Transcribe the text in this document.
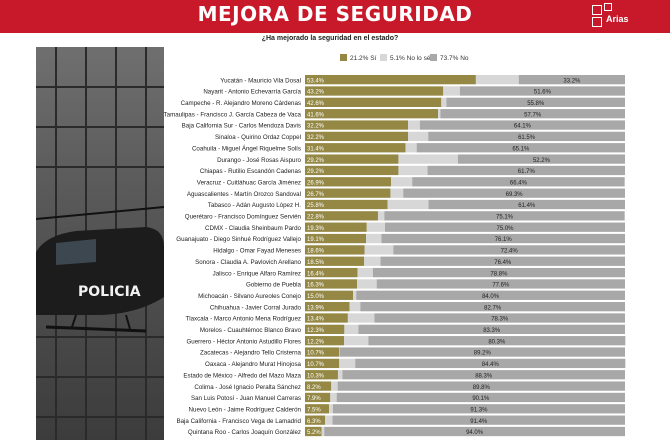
MEJORA DE SEGURIDAD	Arias
POLICIA
¿Ha mejorado la seguridad en el estado?
21.2% Sí	5.1% No lo sé	73.7% No
Yucatán - Mauricio Vila Dosal 53.4%	33.2%
Nayarit - Antonio Echevarría García 43.2%	51.6%
Campeche - R. Alejandro Moreno Cárdenas 42.6%	55.8%
Tamaulipas - Francisco J. García Cabeza de Vaca 41.6%	57.7%
Baja California Sur - Carlos Mendoza Davis 32.2%	64.1%
Sinaloa - Quirino Ordaz Coppel 32.2%	61.5%
Coahuila - Miguel Ángel Riquelme Solís 31.4%	65.1%
Durango - José Rosas Aispuro 29.2%	52.2%
Chiapas - Rutilio Escandón Cadenas 29.2%	61.7%
Veracruz - Cuitláhuac García Jiménez 26.9%	66.4%
Aguascalientes - Martín Orozco Sandoval 26.7%	69.3%
Tabasco - Adán Augusto López H. 25.8%	61.4%
Querétaro - Francisco Domínguez Servién 22.8%	75.1%
CDMX - Claudia Sheinbaum Pardo 19.3%	75.0%
Guanajuato - Diego Sinhué Rodríguez Vallejo 19.1%	76.1%
Hidalgo - Omar Fayad Meneses 18.6%	72.4%
Sonora - Claudia A. Pavlovich Arellano 18.5%	76.4%
Jalisco - Enrique Alfaro Ramírez 16.4%	78.8%
Gobierno de Puebla 16.3%	77.6%
Michoacán - Silvano Aureoles Conejo 15.0%	84.0%
Chihuahua - Javier Corral Jurado 13.9%	82.7%
Tlaxcala - Marco Antonio Mena Rodríguez 13.4%	78.3%
Morelos - Cuauhtémoc Blanco Bravo 12.3%	83.3%
Guerrero - Héctor Antonio Astudillo Flores 12.2%	80.3%
Zacatecas - Alejandro Tello Cristerna 10.7%	89.2%
Oaxaca - Alejandro Murat Hinojosa 10.7%	84.4%
Estado de México - Alfredo del Mazo Maza 10.3%	88.3%
Colima - José Ignacio Peralta Sánchez 8.2%	89.8%
San Luis Potosí - Juan Manuel Carreras 7.9%	90.1%
Nuevo León - Jaime Rodríguez Calderón 7.5%	91.3%
Baja California - Francisco Vega de Lamadrid 6.3%	91.4%
Quintana Roo - Carlos Joaquín González 5.2%	94.0%
